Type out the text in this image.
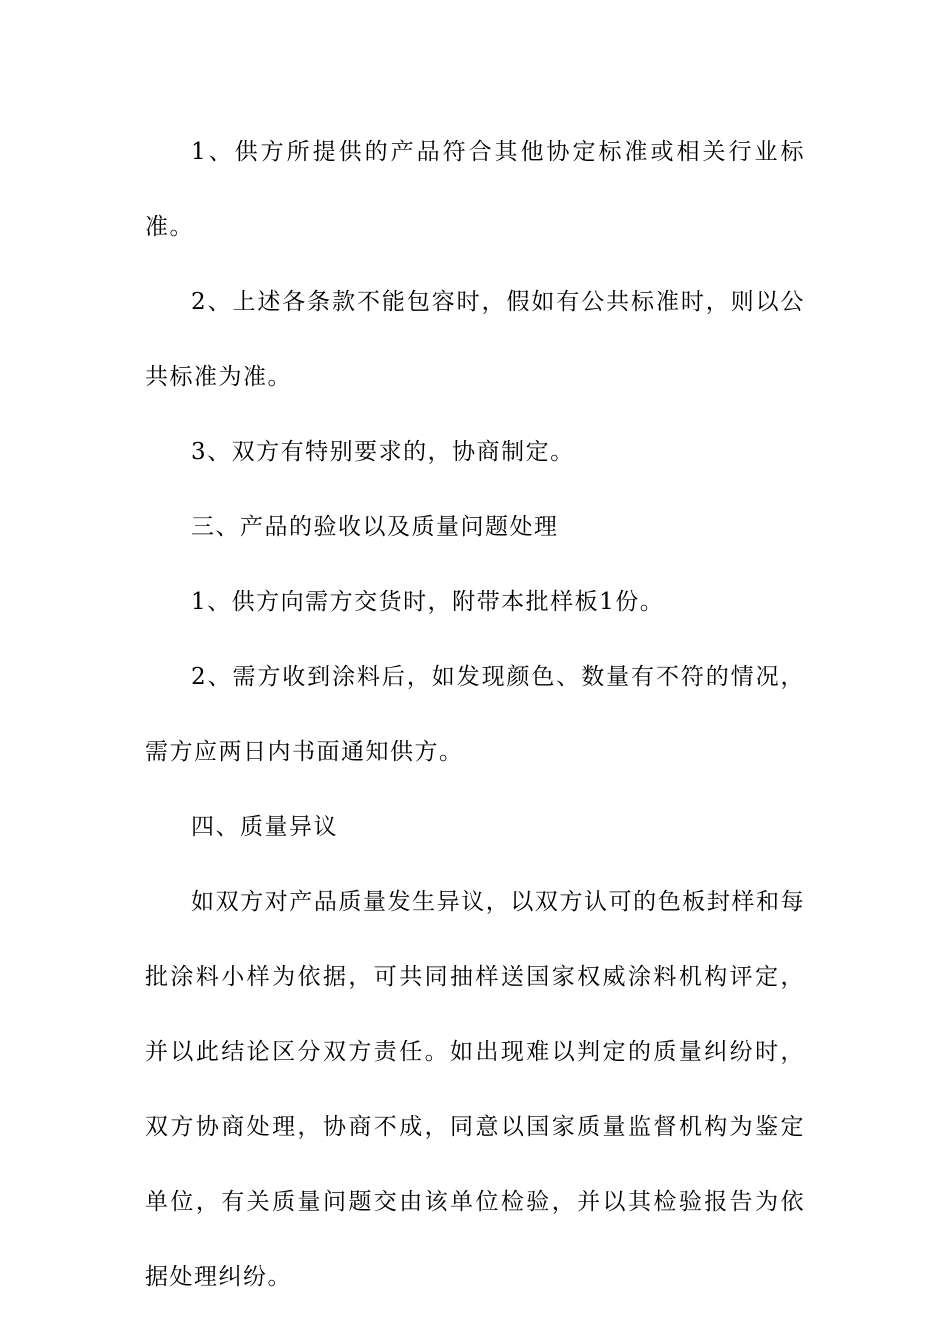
1、供方所提供的产品符合其他协定标准或相关行业标准。

2、上述各条款不能包容时，假如有公共标准时，则以公共标准为准。

3、双方有特别要求的，协商制定。

三、产品的验收以及质量问题处理

1、供方向需方交货时，附带本批样板1份。

2、需方收到涂料后，如发现颜色、数量有不符的情况，需方应两日内书面通知供方。

四、质量异议

如双方对产品质量发生异议，以双方认可的色板封样和每批涂料小样为依据，可共同抽样送国家权威涂料机构评定，并以此结论区分双方责任。如出现难以判定的质量纠纷时，双方协商处理，协商不成，同意以国家质量监督机构为鉴定单位，有关质量问题交由该单位检验，并以其检验报告为依据处理纠纷。
